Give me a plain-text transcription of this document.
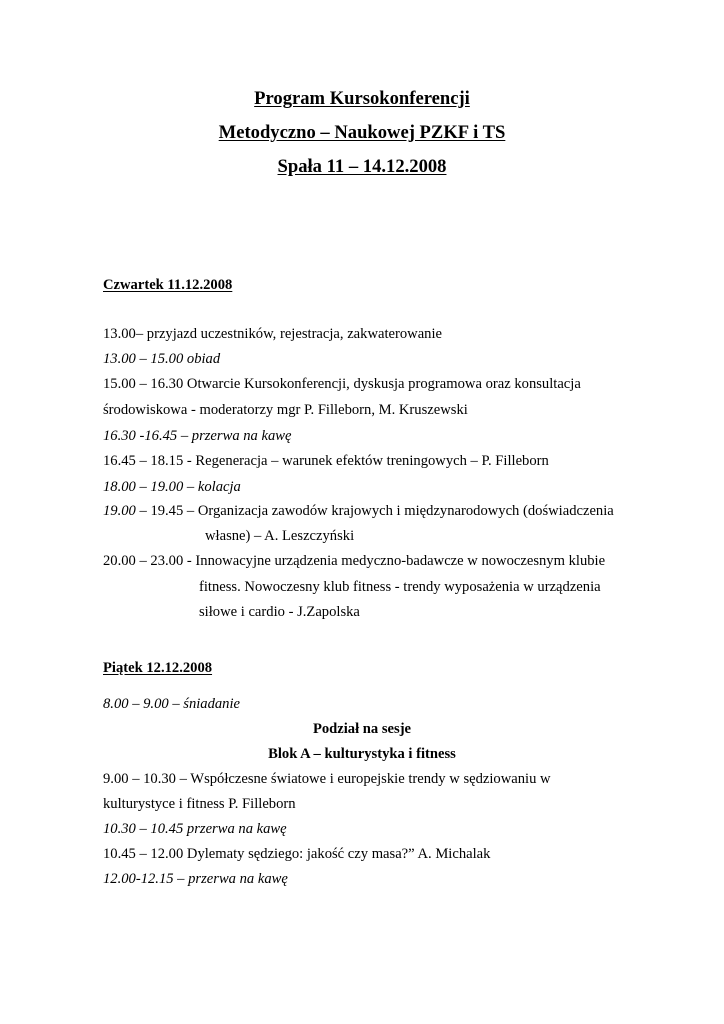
Program Kursokonferencji
Metodyczno – Naukowej PZKF i TS
Spała 11 – 14.12.2008
Czwartek 11.12.2008
13.00– przyjazd uczestników, rejestracja, zakwaterowanie
13.00 – 15.00 obiad
15.00 – 16.30 Otwarcie Kursokonferencji, dyskusja programowa oraz konsultacja
środowiskowa - moderatorzy mgr P. Filleborn, M. Kruszewski
16.30 -16.45 – przerwa na kawę
16.45 – 18.15 - Regeneracja – warunek efektów treningowych – P. Filleborn
18.00 – 19.00 – kolacja
19.00 – 19.45 – Organizacja zawodów krajowych i międzynarodowych (doświadczenia
własne) – A. Leszczyński
20.00 – 23.00 - Innowacyjne urządzenia medyczno-badawcze w nowoczesnym klubie
fitness. Nowoczesny klub fitness - trendy wyposażenia w urządzenia
siłowe i cardio - J.Zapolska
Piątek 12.12.2008
8.00 – 9.00 – śniadanie
Podział na sesje
Blok A – kulturystyka i fitness
9.00 – 10.30 – Współczesne światowe i europejskie trendy w sędziowaniu w
kulturystyce i fitness P. Filleborn
10.30 – 10.45 przerwa na kawę
10.45 – 12.00 Dylematy sędziego: jakość czy masa?” A. Michalak
12.00-12.15 – przerwa na kawę
